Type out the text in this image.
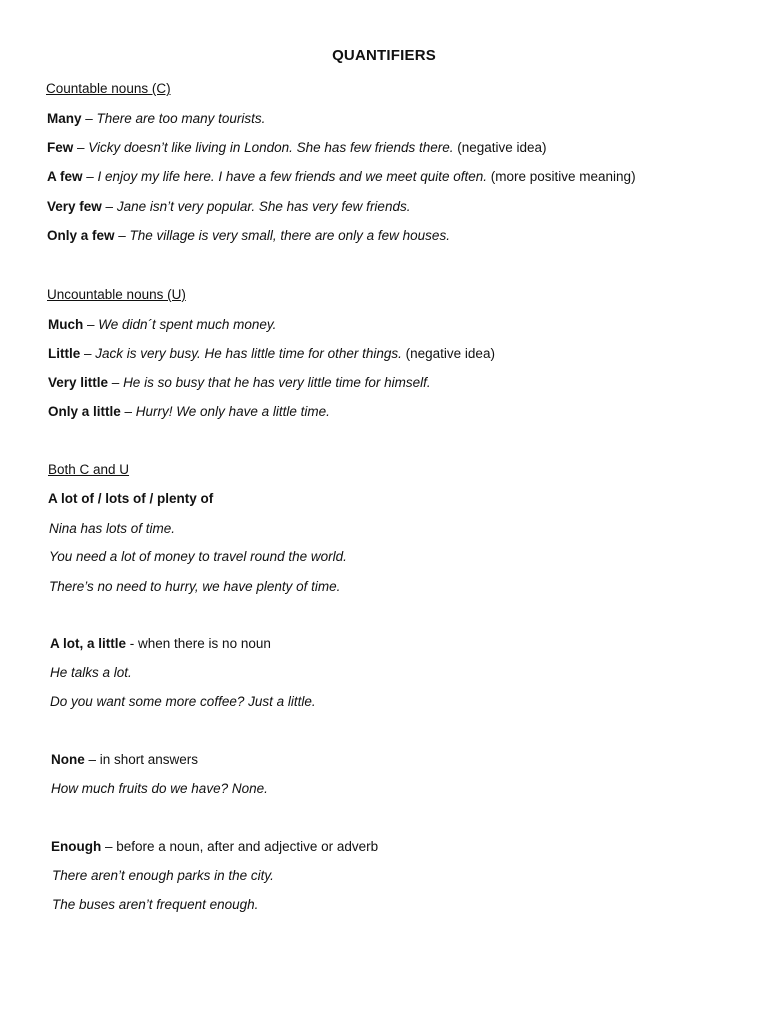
QUANTIFIERS
Countable nouns (C)
Many – There are too many tourists.
Few – Vicky doesn’t like living in London. She has few friends there. (negative idea)
A few – I enjoy my life here. I have a few friends and we meet quite often. (more positive meaning)
Very few – Jane isn’t very popular. She has very few friends.
Only a few – The village is very small, there are only a few houses.
Uncountable nouns (U)
Much – We didn´t spent much money.
Little – Jack is very busy. He has little time for other things. (negative idea)
Very little – He is so busy that he has very little time for himself.
Only a little – Hurry! We only have a little time.
Both C and U
A lot of / lots of / plenty of
Nina has lots of time.
You need a lot of money to travel round the world.
There’s no need to hurry, we have plenty of time.
A lot, a little - when there is no noun
He talks a lot.
Do you want some more coffee? Just a little.
None – in short answers
How much fruits do we have? None.
Enough – before a noun, after and adjective or adverb
There aren’t enough parks in the city.
The buses aren’t frequent enough.
